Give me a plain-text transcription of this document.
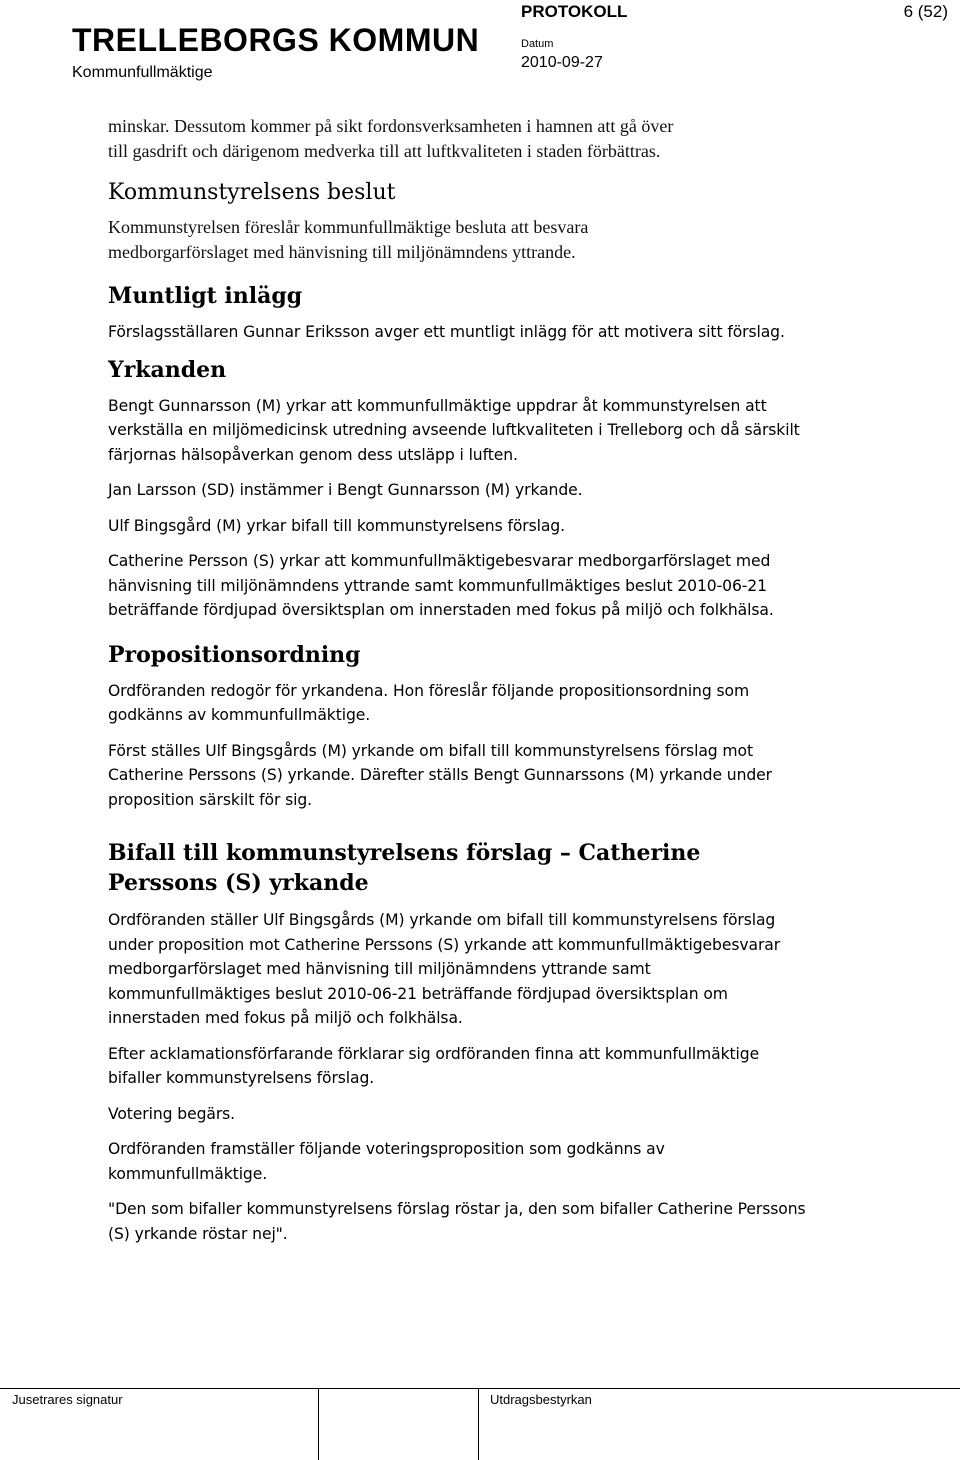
TRELLEBORGS KOMMUN
Kommunfullmäktige
PROTOKOLL
Datum
2010-09-27
6 (52)

minskar. Dessutom kommer på sikt fordonsverksamheten i hamnen att gå över

till gasdrift och därigenom medverka till att luftkvaliteten i staden förbättras.

Kommunstyrelsens beslut

Kommunstyrelsen föreslår kommunfullmäktige besluta att besvara

medborgarförslaget med hänvisning till miljönämndens yttrande.

Muntligt inlägg

Förslagsställaren Gunnar Eriksson avger ett muntligt inlägg för att motivera sitt förslag.

Yrkanden

Bengt Gunnarsson (M) yrkar att kommunfullmäktige uppdrar åt kommunstyrelsen att verkställa en miljömedicinsk utredning avseende luftkvaliteten i Trelleborg och då särskilt färjornas hälsopåverkan genom dess utsläpp i luften.

Jan Larsson (SD) instämmer i Bengt Gunnarsson (M) yrkande.

Ulf Bingsgård (M) yrkar bifall till kommunstyrelsens förslag.

Catherine Persson (S) yrkar att kommunfullmäktigebesvarar medborgarförslaget med hänvisning till miljönämndens yttrande samt kommunfullmäktiges beslut 2010-06-21 beträffande fördjupad översiktsplan om innerstaden med fokus på miljö och folkhälsa.

Propositionsordning

Ordföranden redogör för yrkandena. Hon föreslår följande propositionsordning som godkänns av kommunfullmäktige.

Först ställes Ulf Bingsgårds (M) yrkande om bifall till kommunstyrelsens förslag mot Catherine Perssons (S) yrkande. Därefter ställs Bengt Gunnarssons (M) yrkande under proposition särskilt för sig.

Bifall till kommunstyrelsens förslag – Catherine Perssons (S) yrkande

Ordföranden ställer Ulf Bingsgårds (M) yrkande om bifall till kommunstyrelsens förslag under proposition mot Catherine Perssons (S) yrkande att kommunfullmäktigebesvarar medborgarförslaget med hänvisning till miljönämndens yttrande samt kommunfullmäktiges beslut 2010-06-21 beträffande fördjupad översiktsplan om innerstaden med fokus på miljö och folkhälsa.

Efter acklamationsförfarande förklarar sig ordföranden finna att kommunfullmäktige bifaller kommunstyrelsens förslag.

Votering begärs.

Ordföranden framställer följande voteringsproposition som godkänns av kommunfullmäktige.

"Den som bifaller kommunstyrelsens förslag röstar ja, den som bifaller Catherine Perssons (S) yrkande röstar nej".

Jusetrares signatur	Utdragsbestyrkan
